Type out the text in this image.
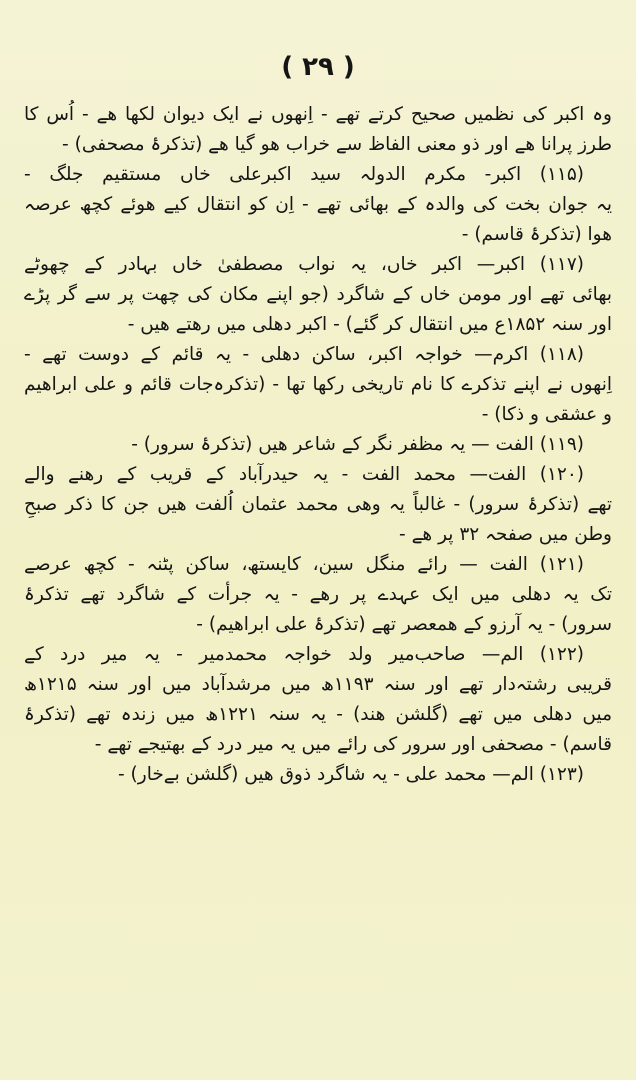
( ۲۹ )
وہ اکبر کی نظمیں صحیح کرتے تھے - اِنھوں نے ایک دیوان لکھا ھے - اُس کا
طرز پرانا ھے اور ذو معنی الفاظ سے خراب ھو گیا ھے (تذکرۂ مصحفی) -
(۱۱۵) اکبر- مکرم الدولہ سید اکبرعلی خاں مستقیم جلگ -
یہ جوان بخت کی والدہ کے بھائی تھے - اِن کو انتقال کیے ھوئے کچھ عرصہ
ھوا (تذکرۂ قاسم) -
(۱۱۷) اکبر— اکبر خاں، یہ نواب مصطفیٰ خاں بہادر کے چھوٹے
بھائی تھے اور مومن خاں کے شاگرد (جو اپنے مکان کی چھت پر سے گر پڑے
اور سنہ ۱۸۵۲ع میں انتقال کر گئے) - اکبر دھلی میں رھتے ھیں -
(۱۱۸) اکرم— خواجہ اکبر، ساکن دھلی - یہ قائم کے دوست تھے -
اِنھوں نے اپنے تذکرے کا نام تاریخی رکھا تھا - (تذکرہ‌جات قائم و علی ابراھیم
و عشقی و ذکا) -
(۱۱۹) الفت — یہ مظفر نگر کے شاعر ھیں (تذکرۂ سرور) -
(۱۲۰) الفت— محمد الفت - یہ حیدرآباد کے قریب کے رھنے والے
تھے (تذکرۂ سرور) - غالباً یہ وھی محمد عثمان اُلفت ھیں جن کا ذکر صبحِ
وطن میں صفحہ ۳۲ پر ھے -
(۱۲۱) الفت — رائے منگل سین، کایستھ، ساکن پٹنہ - کچھ عرصے
تک یہ دھلی میں ایک عہدے پر رھے - یہ جرأت کے شاگرد تھے تذکرۂ
سرور) - یہ آرزو کے ھمعصر تھے (تذکرۂ علی ابراھیم) -
(۱۲۲) الم— صاحب‌میر ولد خواجہ محمدمیر - یہ میر درد کے
قریبی رشتہ‌دار تھے اور سنہ ۱۱۹۳ھ میں مرشدآباد میں اور سنہ ۱۲۱۵ھ
میں دھلی میں تھے (گلشن ھند) - یہ سنہ ۱۲۲۱ھ میں زندہ تھے (تذکرۂ
قاسم) - مصحفی اور سرور کی رائے میں یہ میر درد کے بھتیجے تھے -
(۱۲۳) الم— محمد علی - یہ شاگرد ذوق ھیں (گلشن بےخار) -
